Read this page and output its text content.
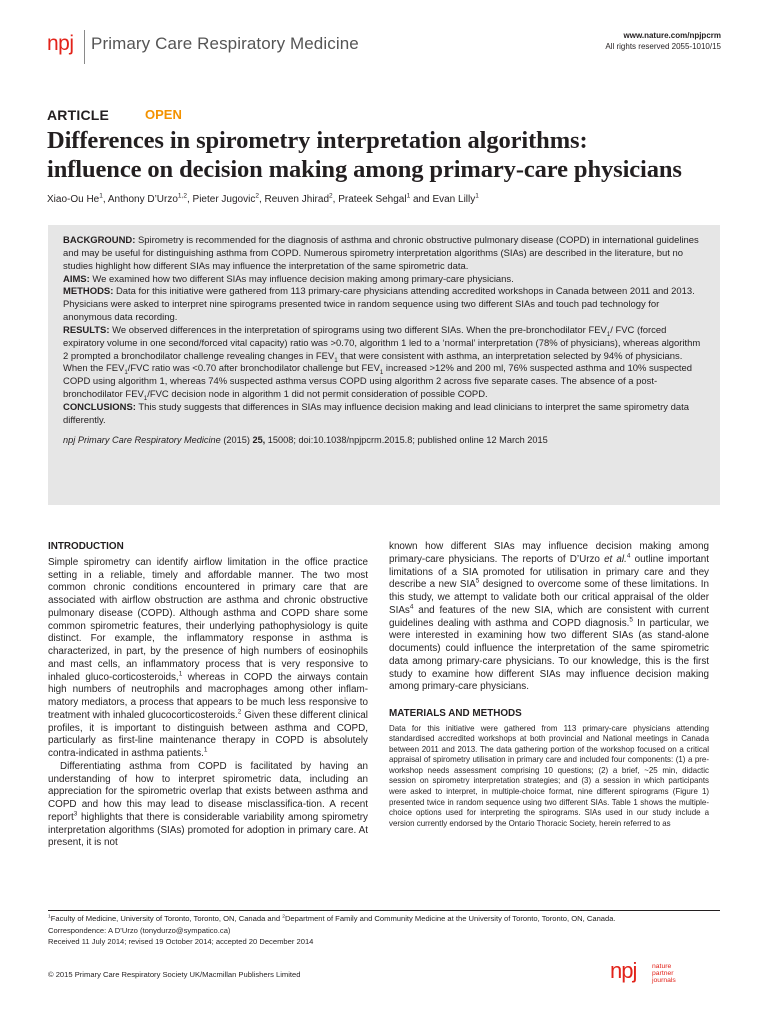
npj Primary Care Respiratory Medicine	www.nature.com/npjpcrm
All rights reserved 2055-1010/15
ARTICLE	OPEN
Differences in spirometry interpretation algorithms:
influence on decision making among primary-care physicians
Xiao-Ou He$^1$, Anthony D’Urzo$^{1,2}$, Pieter Jugovic$^2$, Reuven Jhirad$^2$, Prateek Sehgal$^1$ and Evan Lilly$^1$

BACKGROUND: Spirometry is recommended for the diagnosis of asthma and chronic obstructive pulmonary disease (COPD) in international guidelines and may be useful for distinguishing asthma from COPD. Numerous spirometry interpretation algorithms (SIAs) are described in the literature, but no studies highlight how different SIAs may influence the interpretation of the same spirometric data.

AIMS: We examined how two different SIAs may influence decision making among primary-care physicians.

METHODS: Data for this initiative were gathered from 113 primary-care physicians attending accredited workshops in Canada between 2011 and 2013. Physicians were asked to interpret nine spirograms presented twice in random sequence using two different SIAs and touch pad technology for anonymous data recording.

RESULTS: We observed differences in the interpretation of spirograms using two different SIAs. When the pre-bronchodilator $FEV_1/$ FVC (forced expiratory volume in one second/forced vital capacity) ratio was >0.70, algorithm 1 led to a ‘normal’ interpretation (78% of physicians), whereas algorithm 2 prompted a bronchodilator challenge revealing changes in $FEV_1$ that were consistent with asthma, an interpretation selected by 94% of physicians. When the $FEV_1$/FVC ratio was <0.70 after bronchodilator challenge but $FEV_1$ increased >12% and 200 ml, 76% suspected asthma and 10% suspected COPD using algorithm 1, whereas 74% suspected asthma versus COPD using algorithm 2 across five separate cases. The absence of a post-bronchodilator $FEV_1$/FVC decision node in algorithm 1 did not permit consideration of possible COPD.

CONCLUSIONS: This study suggests that differences in SIAs may influence decision making and lead clinicians to interpret the same spirometry data differently.

npj Primary Care Respiratory Medicine (2015) 25, 15008; doi:10.1038/npjpcrm.2015.8; published online 12 March 2015

INTRODUCTION

Simple spirometry can identify airflow limitation in the office practice setting in a reliable, timely and affordable manner. The two most common chronic conditions encountered in primary care that are associated with airflow obstruction are asthma and chronic obstructive pulmonary disease (COPD). Although asthma and COPD share some common spirometric features, their underlying pathophysiology is quite distinct. For example, the inflammatory response in asthma is characterized, in part, by the presence of high numbers of eosinophils and mast cells, an inflammatory process that is very responsive to inhaled gluco-corticosteroids,$^1$ whereas in COPD the airways contain high numbers of neutrophils and macrophages among other inflam-matory mediators, a process that appears to be much less responsive to treatment with inhaled glucocorticosteroids.$^2$ Given these different clinical profiles, it is important to distinguish between asthma and COPD, particularly as first-line maintenance therapy in COPD is absolutely contra-indicated in asthma patients.$^1$

Differentiating asthma from COPD is facilitated by having an understanding of how to interpret spirometric data, including an appreciation for the spirometric overlap that exists between asthma and COPD and how this may lead to disease misclassifica-tion. A recent report$^3$ highlights that there is considerable variability among spirometry interpretation algorithms (SIAs) promoted for adoption in primary care. At present, it is not

known how different SIAs may influence decision making among primary-care physicians. The reports of D’Urzo et al.$^4$ outline important limitations of a SIA promoted for utilisation in primary care and they describe a new SIA$^5$ designed to overcome some of these limitations. In this study, we attempt to validate both our critical appraisal of the older SIAs$^4$ and features of the new SIA, which are consistent with current guidelines dealing with asthma and COPD diagnosis.$^5$ In particular, we were interested in examining how two different SIAs (as stand-alone documents) could influence the interpretation of the same spirometric data among primary-care physicians. To our knowledge, this is the first study to examine how different SIAs may influence decision making among primary-care physicians.

MATERIALS AND METHODS

Data for this initiative were gathered from 113 primary-care physicians attending standardised accredited workshops at both provincial and National meetings in Canada between 2011 and 2013. The data gathering portion of the workshop focused on a critical appraisal of spirometry utilisation in primary care and included four components: (1) a pre-workshop needs assessment comprising 10 questions; (2) a brief, ~25 min, didactic session on spirometry interpretation strategies; and (3) a session in which participants were asked to interpret, in multiple-choice format, nine different spirograms (Figure 1) presented twice in random sequence using two different SIAs. Table 1 shows the multiple-choice options used for interpreting the spirograms. SIAs used in our study include a version currently endorsed by the Ontario Thoracic Society, herein referred to as

$^1$Faculty of Medicine, University of Toronto, Toronto, ON, Canada and $^2$Department of Family and Community Medicine at the University of Toronto, Toronto, ON, Canada.
Correspondence: A D’Urzo (tonydurzo@sympatico.ca)
Received 11 July 2014; revised 19 October 2014; accepted 20 December 2014
© 2015 Primary Care Respiratory Society UK/Macmillan Publishers Limited	npj nature partner
journals
